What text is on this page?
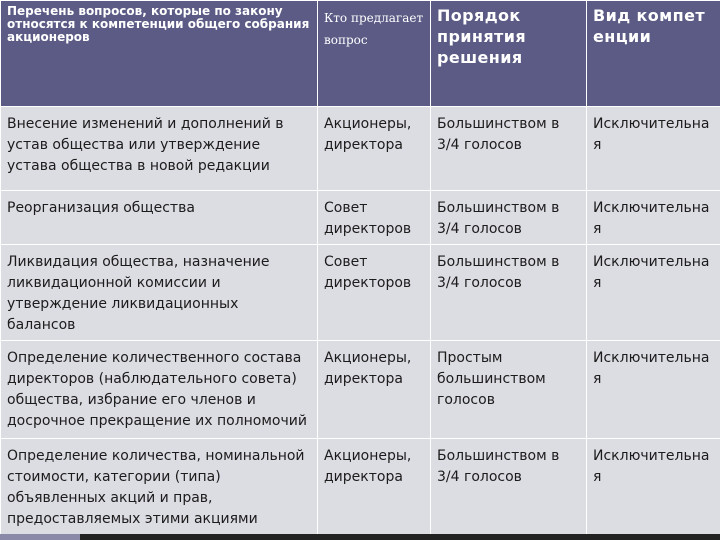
Перечень вопросов, которые по закону относятся к компетенции общего собрания акционеров	Кто предлагает вопрос	Порядок принятия решения	Вид компетенции
Внесение изменений и дополнений в устав общества или утверждение устава общества в новой редакции	Акционеры, директора	Большинством в 3/4 голосов	Исключительная
Реорганизация общества	Совет директоров	Большинством в 3/4 голосов	Исключительная
Ликвидация общества, назначение ликвидационной комиссии и утверждение ликвидационных балансов	Совет директоров	Большинством в 3/4 голосов	Исключительная
Определение количественного состава директоров (наблюдательного совета) общества, избрание его членов и досрочное прекращение их полномочий	Акционеры, директора	Простым большинством голосов	Исключительная
Определение количества, номинальной стоимости, категории (типа) объявленных акций и прав, предоставляемых этими акциями	Акционеры, директора	Большинством в 3/4 голосов	Исключительная
